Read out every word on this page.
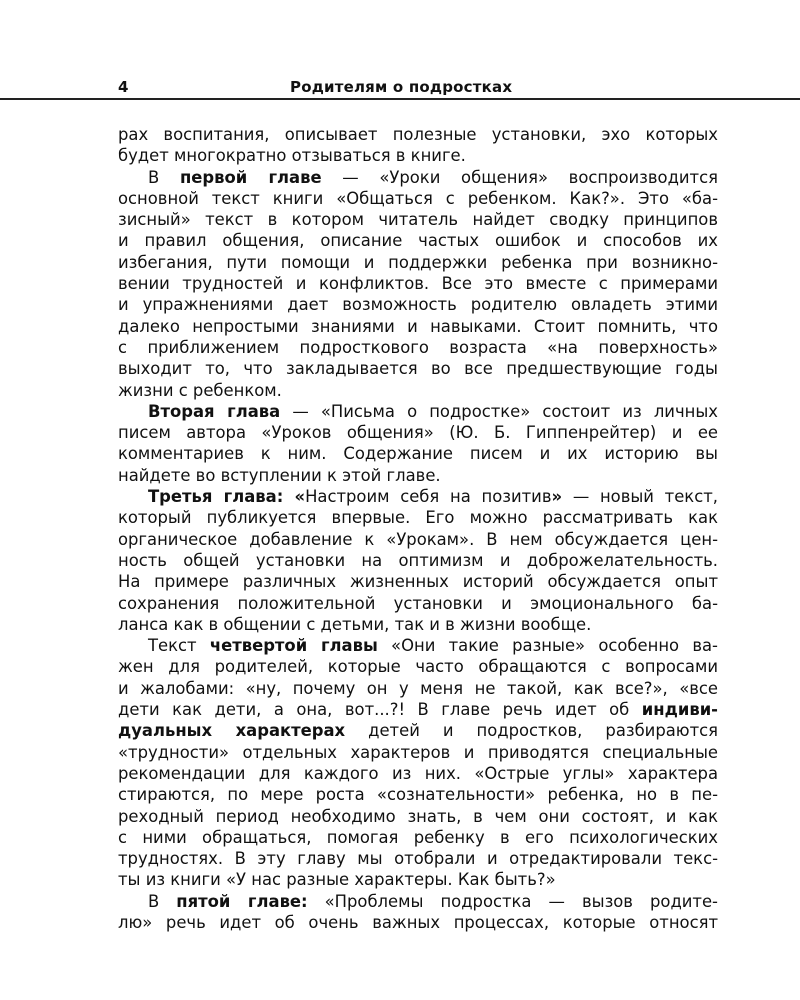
4	Родителям о подростках
рах воспитания, описывает полезные установки, эхо которых
будет многократно отзываться в книге.
В первой главе — «Уроки общения» воспроизводится
основной текст книги «Общаться с ребенком. Как?». Это «ба-
зисный» текст в котором читатель найдет сводку принципов
и правил общения, описание частых ошибок и способов их
избегания, пути помощи и поддержки ребенка при возникно-
вении трудностей и конфликтов. Все это вместе с примерами
и упражнениями дает возможность родителю овладеть этими
далеко непростыми знаниями и навыками. Стоит помнить, что
с приближением подросткового возраста «на поверхность»
выходит то, что закладывается во все предшествующие годы
жизни с ребенком.
Вторая глава — «Письма о подростке» состоит из личных
писем автора «Уроков общения» (Ю. Б. Гиппенрейтер) и ее
комментариев к ним. Содержание писем и их историю вы
найдете во вступлении к этой главе.
Третья глава: «Настроим себя на позитив» — новый текст,
который публикуется впервые. Его можно рассматривать как
органическое добавление к «Урокам». В нем обсуждается цен-
ность общей установки на оптимизм и доброжелательность.
На примере различных жизненных историй обсуждается опыт
сохранения положительной установки и эмоционального ба-
ланса как в общении с детьми, так и в жизни вообще.
Текст четвертой главы «Они такие разные» особенно ва-
жен для родителей, которые часто обращаются с вопросами
и жалобами: «ну, почему он у меня не такой, как все?», «все
дети как дети, а она, вот...?! В главе речь идет об индиви-
дуальных характерах детей и подростков, разбираются
«трудности» отдельных характеров и приводятся специальные
рекомендации для каждого из них. «Острые углы» характера
стираются, по мере роста «сознательности» ребенка, но в пе-
реходный период необходимо знать, в чем они состоят, и как
с ними обращаться, помогая ребенку в его психологических
трудностях. В эту главу мы отобрали и отредактировали текс-
ты из книги «У нас разные характеры. Как быть?»
В пятой главе: «Проблемы подростка — вызов родите-
лю» речь идет об очень важных процессах, которые относят
